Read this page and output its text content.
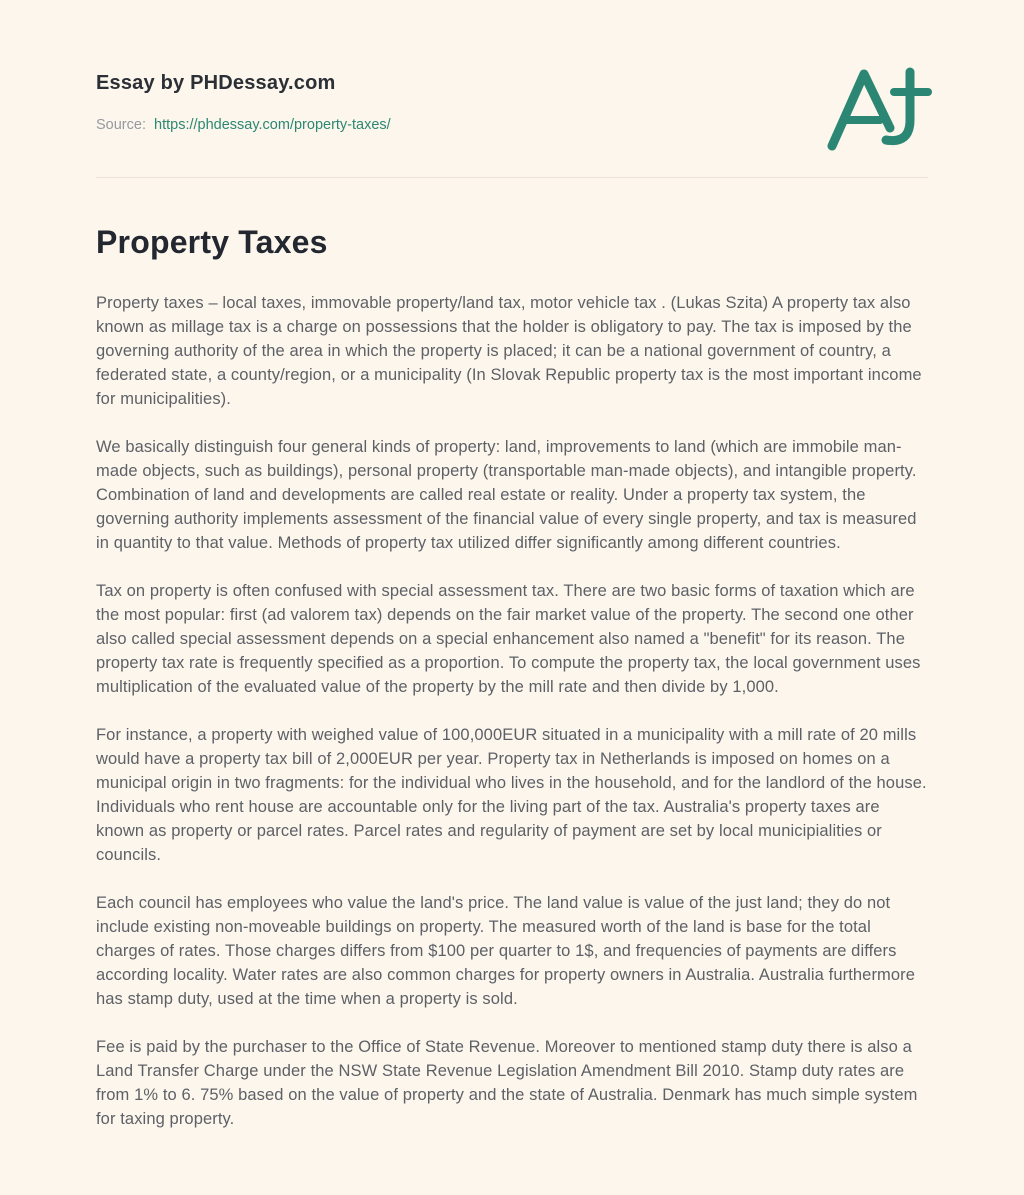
Essay by PHDessay.com
Source: https://phdessay.com/property-taxes/
Property Taxes

Property taxes – local taxes, immovable property/land tax, motor vehicle tax . (Lukas Szita) A property tax also known as millage tax is a charge on possessions that the holder is obligatory to pay. The tax is imposed by the governing authority of the area in which the property is placed; it can be a national government of country, a federated state, a county/region, or a municipality (In Slovak Republic property tax is the most important income for municipalities).

We basically distinguish four general kinds of property: land, improvements to land (which are immobile man-made objects, such as buildings), personal property (transportable man-made objects), and intangible property. Combination of land and developments are called real estate or reality. Under a property tax system, the governing authority implements assessment of the financial value of every single property, and tax is measured in quantity to that value. Methods of property tax utilized differ significantly among different countries.

Tax on property is often confused with special assessment tax. There are two basic forms of taxation which are the most popular: first (ad valorem tax) depends on the fair market value of the property. The second one other also called special assessment depends on a special enhancement also named a "benefit" for its reason. The property tax rate is frequently specified as a proportion. To compute the property tax, the local government uses multiplication of the evaluated value of the property by the mill rate and then divide by 1,000.

For instance, a property with weighed value of 100,000EUR situated in a municipality with a mill rate of 20 mills would have a property tax bill of 2,000EUR per year. Property tax in Netherlands is imposed on homes on a municipal origin in two fragments: for the individual who lives in the household, and for the landlord of the house. Individuals who rent house are accountable only for the living part of the tax. Australia's property taxes are known as property or parcel rates. Parcel rates and regularity of payment are set by local municipialities or councils.

Each council has employees who value the land's price. The land value is value of the just land; they do not include existing non-moveable buildings on property. The measured worth of the land is base for the total charges of rates. Those charges differs from $100 per quarter to 1$, and frequencies of payments are differs according locality. Water rates are also common charges for property owners in Australia. Australia furthermore has stamp duty, used at the time when a property is sold.

Fee is paid by the purchaser to the Office of State Revenue. Moreover to mentioned stamp duty there is also a Land Transfer Charge under the NSW State Revenue Legislation Amendment Bill 2010. Stamp duty rates are from 1% to 6. 75% based on the value of property and the state of Australia. Denmark has much simple system for taxing property.
